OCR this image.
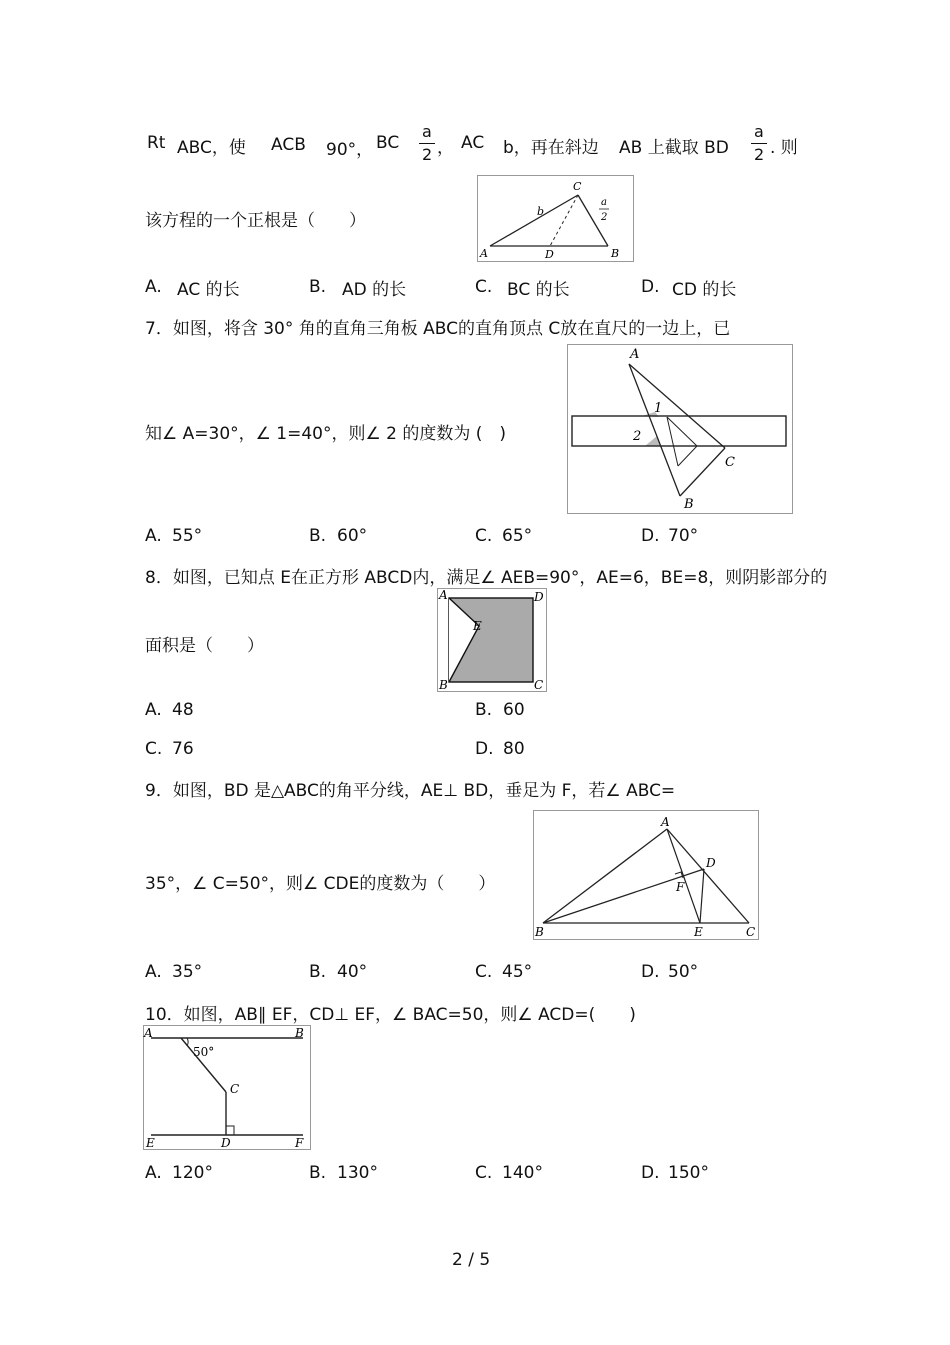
Rt ABC，使 ACB 90°， BC
a
2 ， AC b，再在斜边 AB 上截取 BD
a
2 . 则
该方程的一个正根是（　　）
A	B
C
D
b
a
2
A. AC 的长	B. AD 的长	C. BC 的长	D. CD 的长
7．如图，将含 30° 角的直角三角板 ABC的直角顶点 C放在直尺的一边上，已
知∠ A=30°，∠ 1=40°，则∠ 2 的度数为 (　)
A
B
C
1
2
A. 55°	B. 60°	C. 65°	D. 70°
8．如图，已知点 E在正方形 ABCD内，满足∠ AEB=90°，AE=6，BE=8，则阴影部分的
面积是（　　）
A
B	C
D
E
A. 48	B. 60
C. 76	D. 80
9．如图，BD 是△ABC的角平分线，AE⊥ BD，垂足为 F，若∠ ABC=
35°，∠ C=50°，则∠ CDE的度数为（　　）
A
B	C
D
E
F
A. 35°	B. 40°	C. 45°	D. 50°
10．如图，AB∥ EF，CD⊥ EF，∠ BAC=50，则∠ ACD=(　　)
A	B
C
D
E	F
50°
A. 120°	B. 130°	C. 140°	D. 150°
2 / 5
